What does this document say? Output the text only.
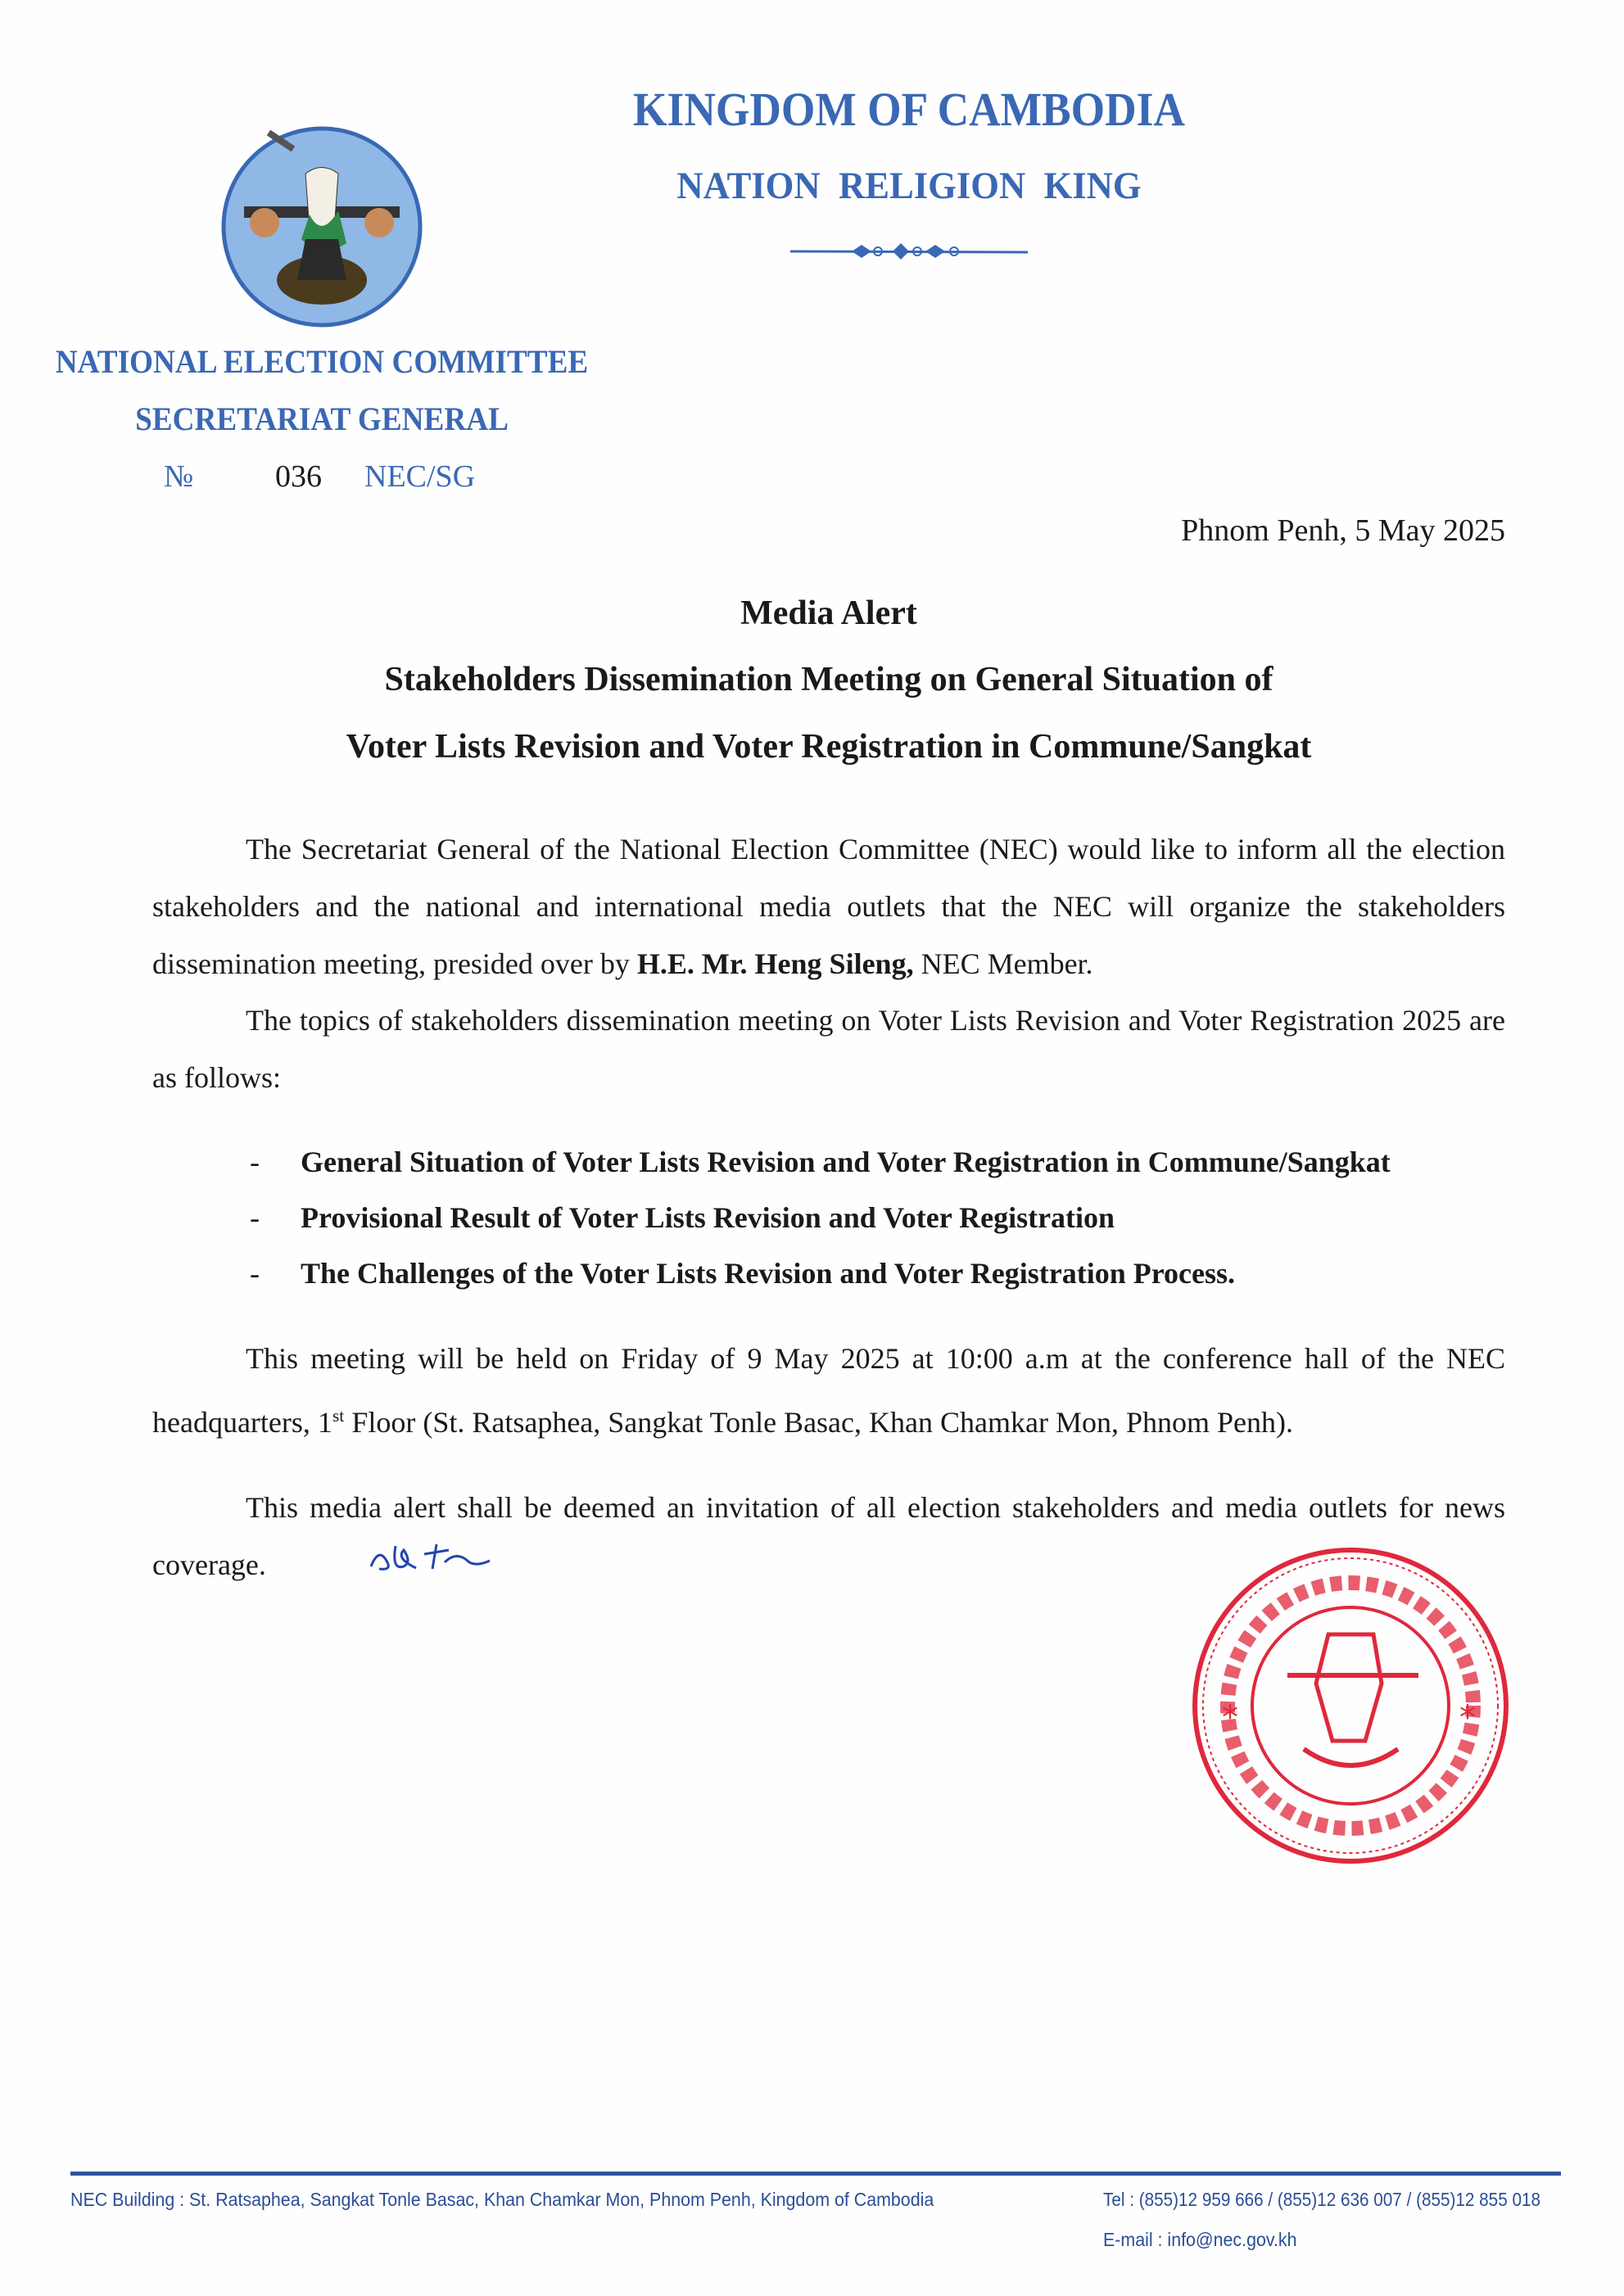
KINGDOM OF CAMBODIA
NATION  RELIGION  KING
NATIONAL ELECTION COMMITTEE
SECRETARIAT GENERAL
№	036 NEC/SG
Phnom Penh, 5 May 2025
Media Alert
Stakeholders Dissemination Meeting on General Situation of
Voter Lists Revision and Voter Registration in Commune/Sangkat
The Secretariat General of the National Election Committee (NEC) would like to inform all the election stakeholders and the national and international media outlets that the NEC will organize the stakeholders dissemination meeting, presided over by H.E. Mr. Heng Sileng, NEC Member.
The topics of stakeholders dissemination meeting on Voter Lists Revision and Voter Registration 2025 are as follows:
- General Situation of Voter Lists Revision and Voter Registration in Commune/Sangkat
- Provisional Result of Voter Lists Revision and Voter Registration
- The Challenges of the Voter Lists Revision and Voter Registration Process.
This meeting will be held on Friday of 9 May 2025 at 10:00 a.m at the conference hall of the NEC headquarters, 1st Floor (St. Ratsaphea, Sangkat Tonle Basac, Khan Chamkar Mon, Phnom Penh).
This media alert shall be deemed an invitation of all election stakeholders and media outlets for news coverage.
*	*
NEC Building : St. Ratsaphea, Sangkat Tonle Basac, Khan Chamkar Mon, Phnom Penh, Kingdom of Cambodia	Tel : (855)12 959 666 / (855)12 636 007 / (855)12 855 018
E-mail : info@nec.gov.kh
